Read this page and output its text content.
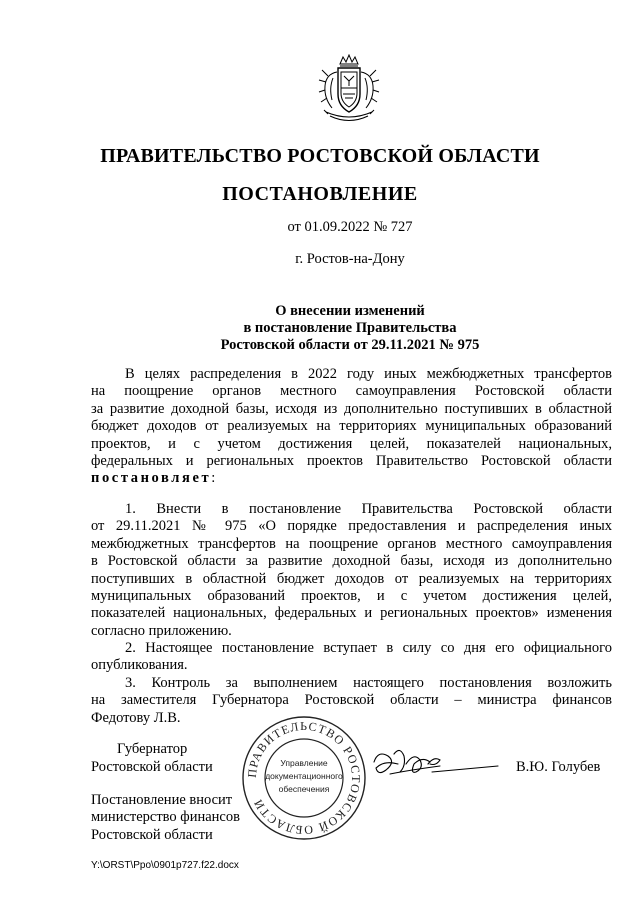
ПРАВИТЕЛЬСТВО РОСТОВСКОЙ ОБЛАСТИ
ПОСТАНОВЛЕНИЕ
от 01.09.2022 № 727
г. Ростов-на-Дону
О внесении изменений
в постановление Правительства
Ростовской области от 29.11.2021 № 975

В целях распределения в 2022 году иных межбюджетных трансфертов

на поощрение органов местного самоуправления Ростовской области

за развитие доходной базы, исходя из дополнительно поступивших в областной

бюджет доходов от реализуемых на территориях муниципальных образований

проектов, и с учетом достижения целей, показателей национальных,

федеральных и региональных проектов Правительство Ростовской области

постановляет:

1. Внести в постановление Правительства Ростовской области

от 29.11.2021 № 975 «О порядке предоставления и распределения иных

межбюджетных трансфертов на поощрение органов местного самоуправления

в Ростовской области за развитие доходной базы, исходя из дополнительно

поступивших в областной бюджет доходов от реализуемых на территориях

муниципальных образований проектов, и с учетом достижения целей,

показателей национальных, федеральных и региональных проектов» изменения

согласно приложению.

2. Настоящее постановление вступает в силу со дня его официального

опубликования.

3. Контроль за выполнением настоящего постановления возложить

на заместителя Губернатора Ростовской области – министра финансов

Федотову Л.В.

Губернатор
Ростовской области	В.Ю. Голубев
ПРАВИТЕЛЬСТВО РОСТОВСКОЙ ОБЛАСТИ
Управление
документационного
обеспечения
Постановление вносит
министерство финансов
Ростовской области
Y:\ORST\Ppo\0901p727.f22.docx
